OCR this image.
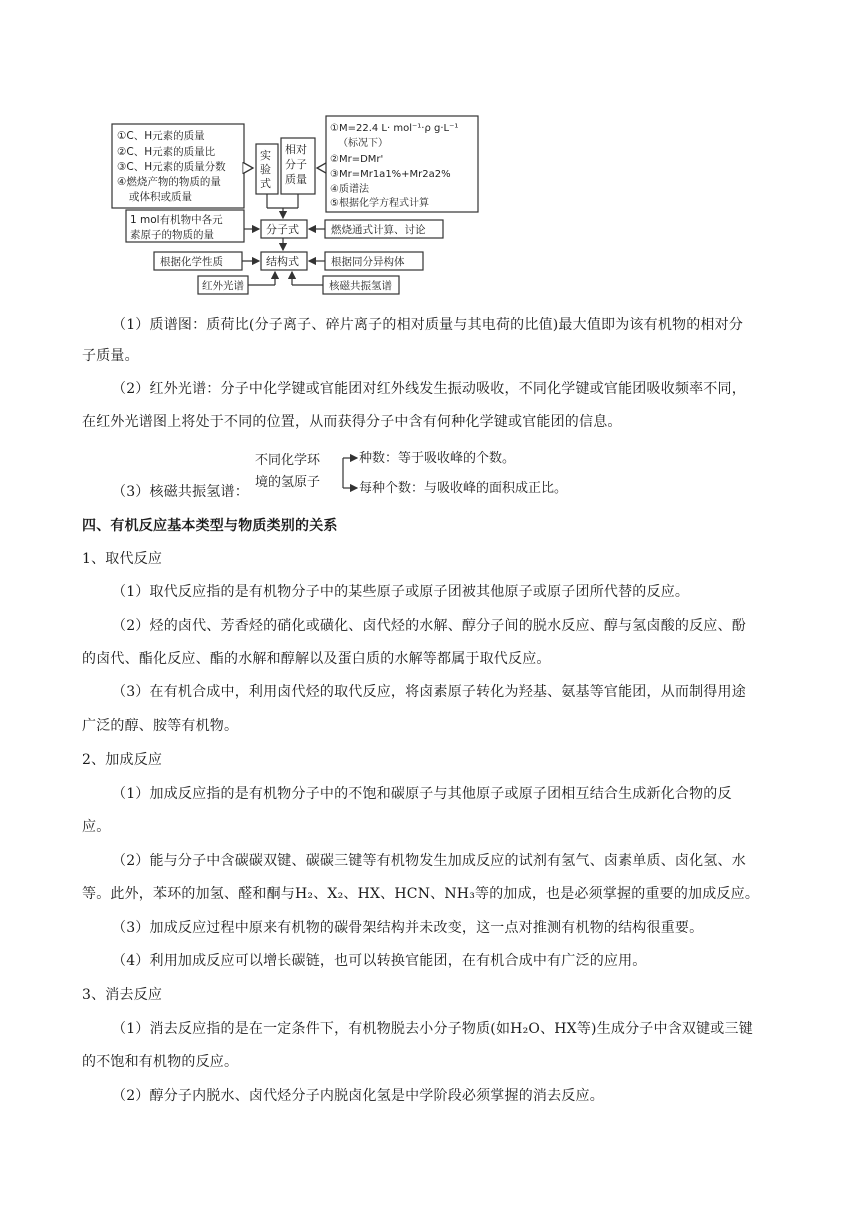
①C、H元素的质量
②C、H元素的质量比
③C、H元素的质量分数
④燃烧产物的物质的量
或体积或质量
实
验
式
相对
分子
质量
①M=22.4 L· mol⁻¹·ρ g·L⁻¹
（标况下）
②Mr=DMr'
③Mr=Mr1a1%+Mr2a2%
④质谱法
⑤根据化学方程式计算
1 mol有机物中各元
素原子的物质的量	分子式	燃烧通式计算、讨论
根据化学性质	结构式	根据同分异构体
红外光谱	核磁共振氢谱
（1）质谱图：质荷比(分子离子、碎片离子的相对质量与其电荷的比值)最大值即为该有机物的相对分
子质量。
（2）红外光谱：分子中化学键或官能团对红外线发生振动吸收，不同化学键或官能团吸收频率不同，
在红外光谱图上将处于不同的位置，从而获得分子中含有何种化学键或官能团的信息。
（3）核磁共振氢谱：
不同化学环
境的氢原子
种数：等于吸收峰的个数。
每种个数：与吸收峰的面积成正比。
四、有机反应基本类型与物质类别的关系
1、取代反应
（1）取代反应指的是有机物分子中的某些原子或原子团被其他原子或原子团所代替的反应。
（2）烃的卤代、芳香烃的硝化或磺化、卤代烃的水解、醇分子间的脱水反应、醇与氢卤酸的反应、酚
的卤代、酯化反应、酯的水解和醇解以及蛋白质的水解等都属于取代反应。
（3）在有机合成中，利用卤代烃的取代反应，将卤素原子转化为羟基、氨基等官能团，从而制得用途
广泛的醇、胺等有机物。
2、加成反应
（1）加成反应指的是有机物分子中的不饱和碳原子与其他原子或原子团相互结合生成新化合物的反
应。
（2）能与分子中含碳碳双键、碳碳三键等有机物发生加成反应的试剂有氢气、卤素单质、卤化氢、水
等。此外，苯环的加氢、醛和酮与H₂、X₂、HX、HCN、NH₃等的加成，也是必须掌握的重要的加成反应。
（3）加成反应过程中原来有机物的碳骨架结构并未改变，这一点对推测有机物的结构很重要。
（4）利用加成反应可以增长碳链，也可以转换官能团，在有机合成中有广泛的应用。
3、消去反应
（1）消去反应指的是在一定条件下，有机物脱去小分子物质(如H₂O、HX等)生成分子中含双键或三键
的不饱和有机物的反应。
（2）醇分子内脱水、卤代烃分子内脱卤化氢是中学阶段必须掌握的消去反应。
